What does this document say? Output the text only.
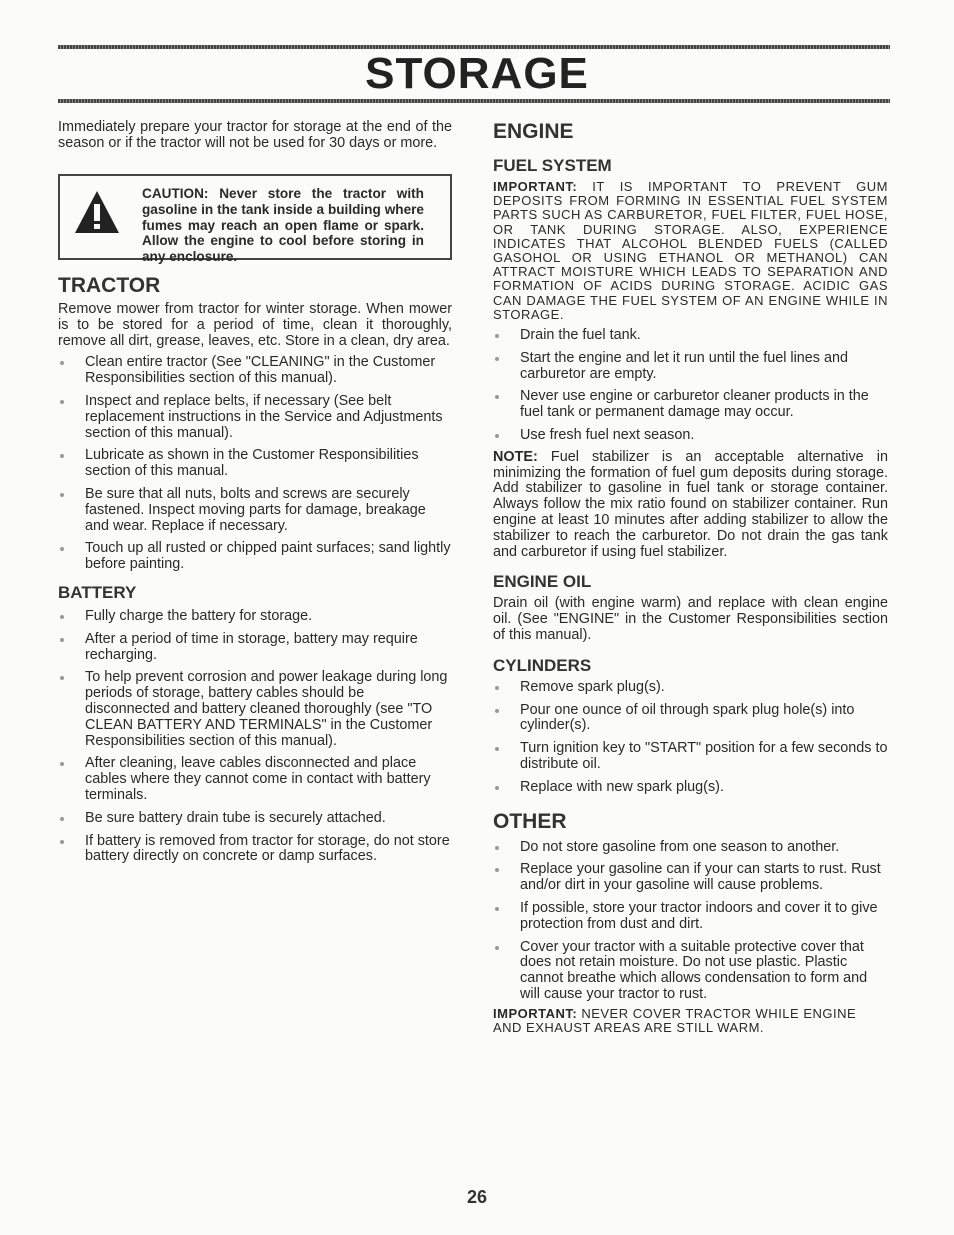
STORAGE

Immediately prepare your tractor for storage at the end of the season or if the tractor will not be used for 30 days or more.

CAUTION: Never store the tractor with gasoline in the tank inside a building where fumes may reach an open flame or spark. Allow the engine to cool before storing in any enclosure.
TRACTOR

Remove mower from tractor for winter storage. When mower is to be stored for a period of time, clean it thoroughly, remove all dirt, grease, leaves, etc. Store in a clean, dry area.

Clean entire tractor (See "CLEANING" in the Customer Responsibilities section of this manual).
Inspect and replace belts, if necessary (See belt replacement instructions in the Service and Adjustments section of this manual).
Lubricate as shown in the Customer Responsibilities section of this manual.
Be sure that all nuts, bolts and screws are securely fastened. Inspect moving parts for damage, breakage and wear. Replace if necessary.
Touch up all rusted or chipped paint surfaces; sand lightly before painting.
BATTERY
Fully charge the battery for storage.
After a period of time in storage, battery may require recharging.
To help prevent corrosion and power leakage during long periods of storage, battery cables should be disconnected and battery cleaned thoroughly (see "TO CLEAN BATTERY AND TERMINALS" in the Customer Responsibilities section of this manual).
After cleaning, leave cables disconnected and place cables where they cannot come in contact with battery terminals.
Be sure battery drain tube is securely attached.
If battery is removed from tractor for storage, do not store battery directly on concrete or damp surfaces.
ENGINE
FUEL SYSTEM

IMPORTANT: IT IS IMPORTANT TO PREVENT GUM DEPOSITS FROM FORMING IN ESSENTIAL FUEL SYSTEM PARTS SUCH AS CARBURETOR, FUEL FILTER, FUEL HOSE, OR TANK DURING STORAGE. ALSO, EXPERIENCE INDICATES THAT ALCOHOL BLENDED FUELS (CALLED GASOHOL OR USING ETHANOL OR METHANOL) CAN ATTRACT MOISTURE WHICH LEADS TO SEPARATION AND FORMATION OF ACIDS DURING STORAGE. ACIDIC GAS CAN DAMAGE THE FUEL SYSTEM OF AN ENGINE WHILE IN STORAGE.

Drain the fuel tank.
Start the engine and let it run until the fuel lines and carburetor are empty.
Never use engine or carburetor cleaner products in the fuel tank or permanent damage may occur.
Use fresh fuel next season.

NOTE: Fuel stabilizer is an acceptable alternative in minimizing the formation of fuel gum deposits during storage. Add stabilizer to gasoline in fuel tank or storage container. Always follow the mix ratio found on stabilizer container. Run engine at least 10 minutes after adding stabilizer to allow the stabilizer to reach the carburetor. Do not drain the gas tank and carburetor if using fuel stabilizer.

ENGINE OIL

Drain oil (with engine warm) and replace with clean engine oil. (See "ENGINE" in the Customer Responsibilities section of this manual).

CYLINDERS
Remove spark plug(s).
Pour one ounce of oil through spark plug hole(s) into cylinder(s).
Turn ignition key to "START" position for a few seconds to distribute oil.
Replace with new spark plug(s).
OTHER
Do not store gasoline from one season to another.
Replace your gasoline can if your can starts to rust. Rust and/or dirt in your gasoline will cause problems.
If possible, store your tractor indoors and cover it to give protection from dust and dirt.
Cover your tractor with a suitable protective cover that does not retain moisture. Do not use plastic. Plastic cannot breathe which allows condensation to form and will cause your tractor to rust.

IMPORTANT: NEVER COVER TRACTOR WHILE ENGINE AND EXHAUST AREAS ARE STILL WARM.

26
